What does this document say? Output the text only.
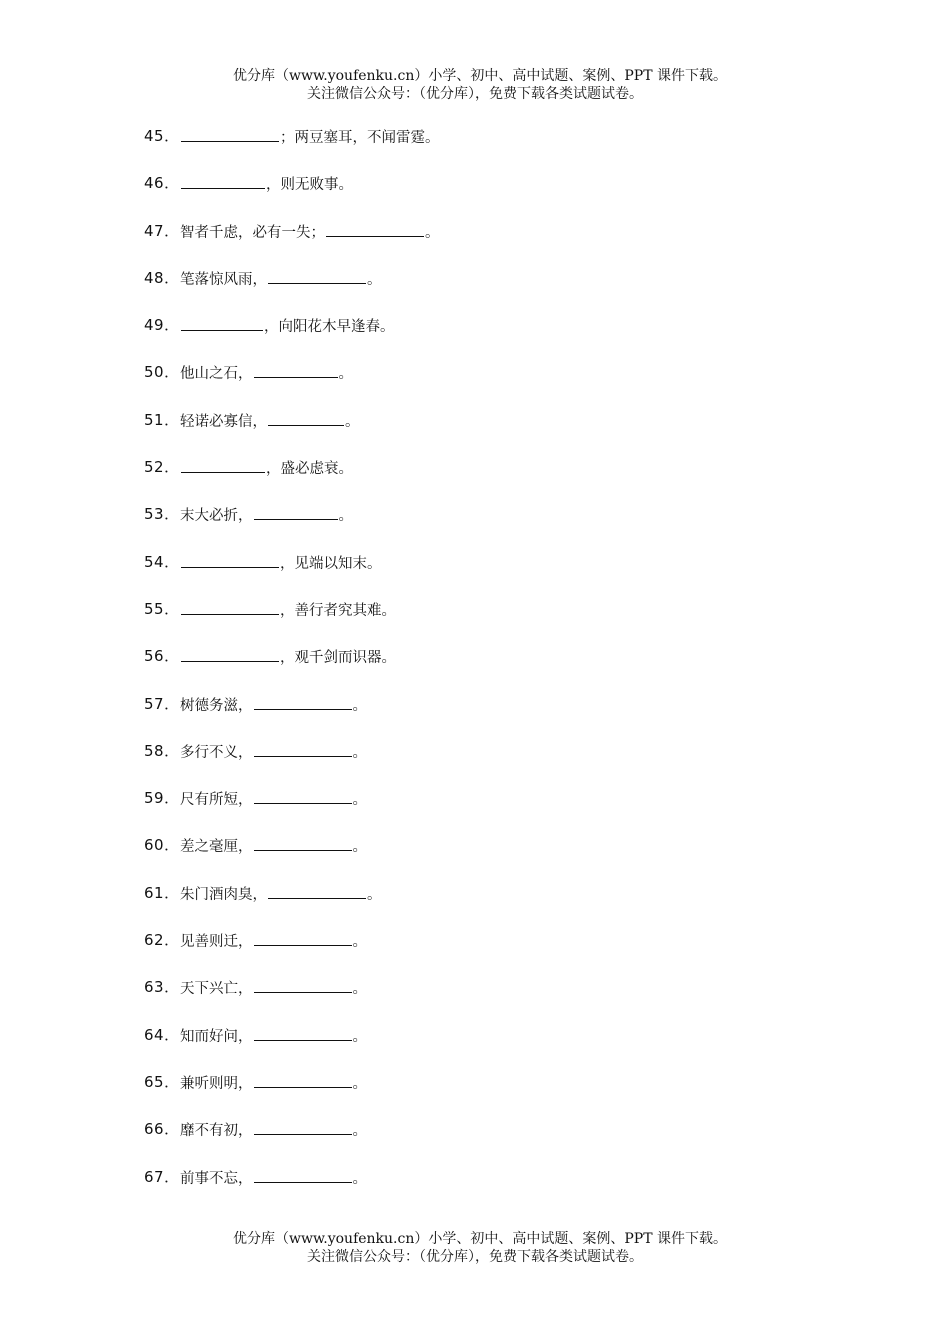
优分库（www.youfenku.cn）小学、初中、高中试题、案例、PPT 课件下载。
关注微信公众号：（优分库），免费下载各类试题试卷。
45．	；两豆塞耳，不闻雷霆。
46．	，则无败事。
47． 智者千虑，必有一失；	。
48． 笔落惊风雨，	。
49．	，向阳花木早逢春。
50． 他山之石，	。
51． 轻诺必寡信，	。
52．	，盛必虑衰。
53． 末大必折，	。
54．	，见端以知末。
55．	，善行者究其难。
56．	，观千剑而识器。
57． 树德务滋，	。
58． 多行不义，	。
59． 尺有所短，	。
60． 差之毫厘，	。
61． 朱门酒肉臭，	。
62． 见善则迁，	。
63． 天下兴亡，	。
64． 知而好问，	。
65． 兼听则明，	。
66． 靡不有初，	。
67． 前事不忘，	。
优分库（www.youfenku.cn）小学、初中、高中试题、案例、PPT 课件下载。
关注微信公众号：（优分库），免费下载各类试题试卷。
